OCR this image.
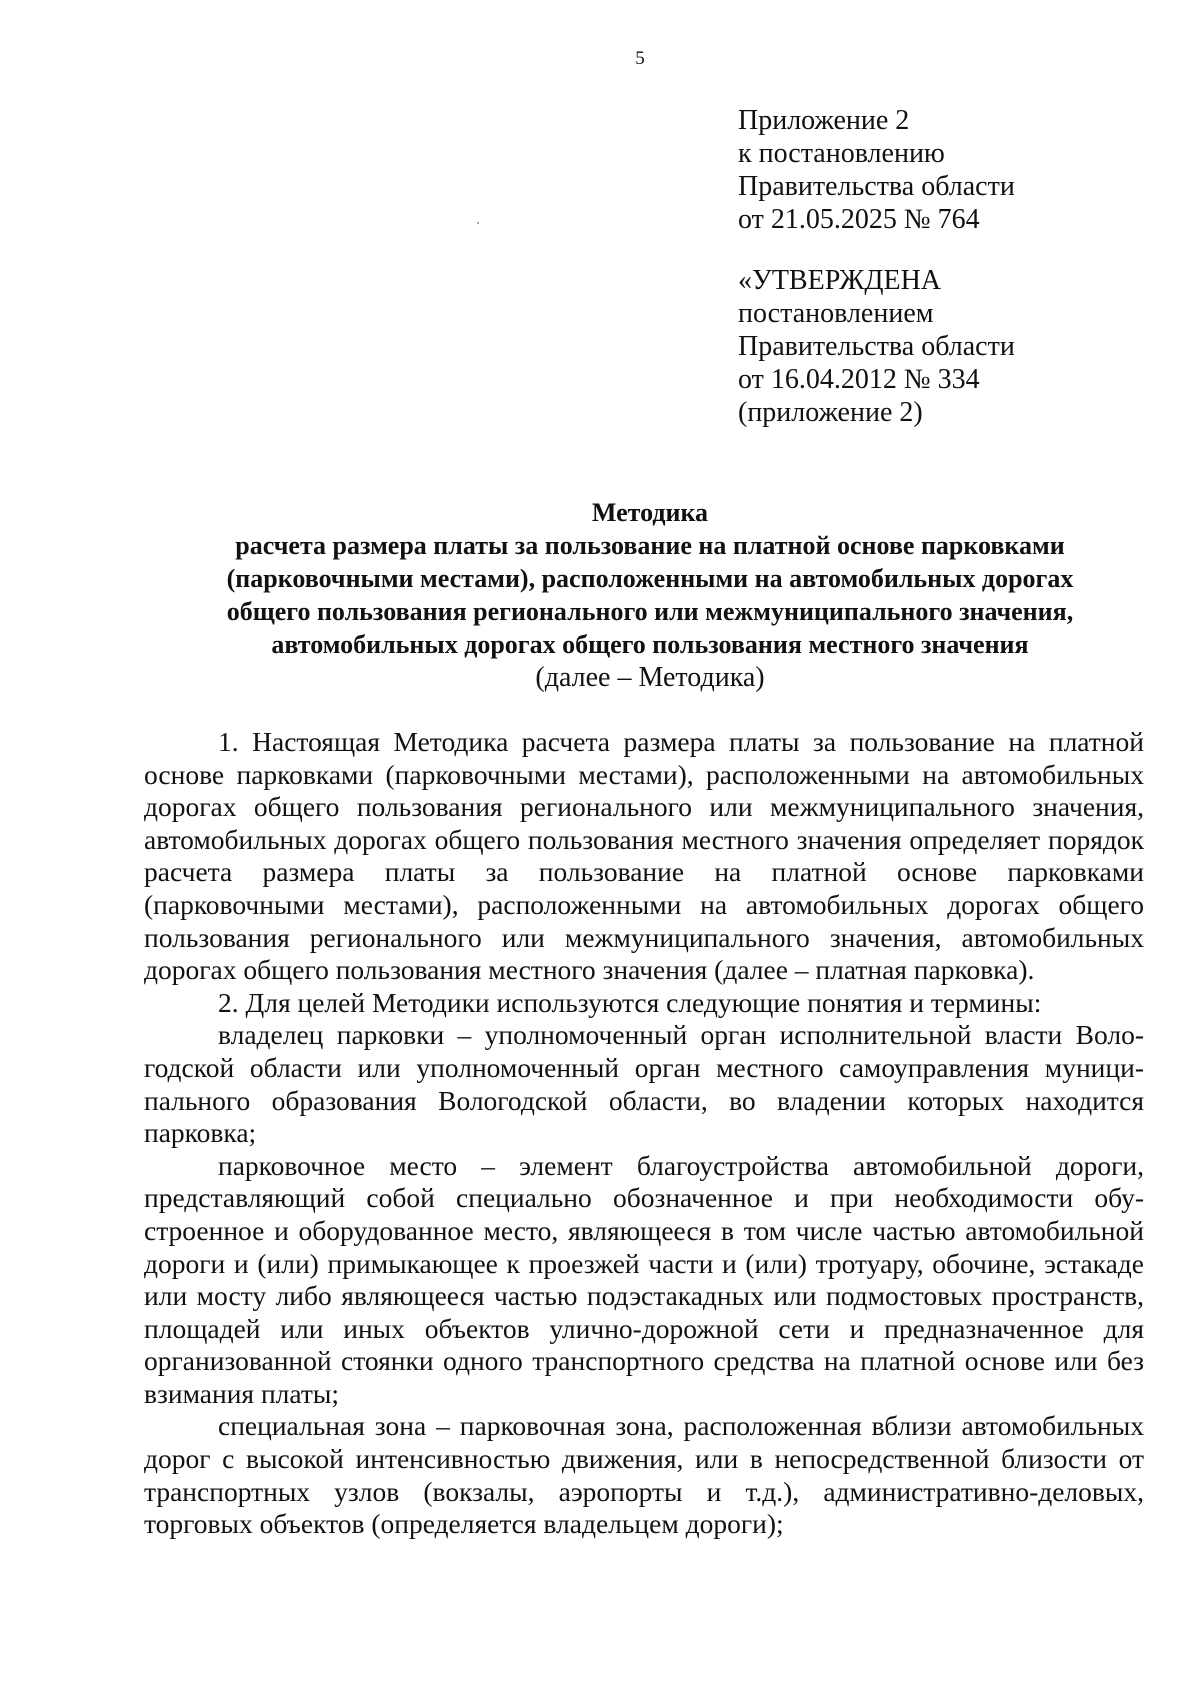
5
Приложение 2
к постановлению
Правительства области
от 21.05.2025 № 764
«УТВЕРЖДЕНА
постановлением
Правительства области
от 16.04.2012 № 334
(приложение 2)
Методика
расчета размера платы за пользование на платной основе парковками
(парковочными местами), расположенными на автомобильных дорогах
общего пользования регионального или межмуниципального значения,
автомобильных дорогах общего пользования местного значения
(далее – Методика)

1. Настоящая Методика расчета размера платы за пользование на платной основе парковками (парковочными местами), расположенными на автомобильных дорогах общего пользования регионального или межмуниципального значения, автомобильных дорогах общего пользования местного значения определяет порядок расчета размера платы за пользование на платной основе парковками (парковочными местами), расположенными на автомобильных дорогах общего пользования регионального или межмуниципального значения, автомобильных дорогах общего пользования местного значения (далее – платная парковка).

2. Для целей Методики используются следующие понятия и термины:

владелец парковки – уполномоченный орган исполнительной власти Вологодской области или уполномоченный орган местного самоуправления муниципального образования Вологодской области, во владении которых находится парковка;

парковочное место – элемент благоустройства автомобильной дороги, представляющий собой специально обозначенное и при необходимости обустроенное и оборудованное место, являющееся в том числе частью автомобильной дороги и (или) примыкающее к проезжей части и (или) тротуару, обочине, эстакаде или мосту либо являющееся частью подэстакадных или подмостовых пространств, площадей или иных объектов улично-дорожной сети и предназначенное для организованной стоянки одного транспортного средства на платной основе или без взимания платы;

специальная зона – парковочная зона, расположенная вблизи автомобильных дорог с высокой интенсивностью движения, или в непосредственной близости от транспортных узлов (вокзалы, аэропорты и т.д.), административно-деловых, торговых объектов (определяется владельцем дороги);
